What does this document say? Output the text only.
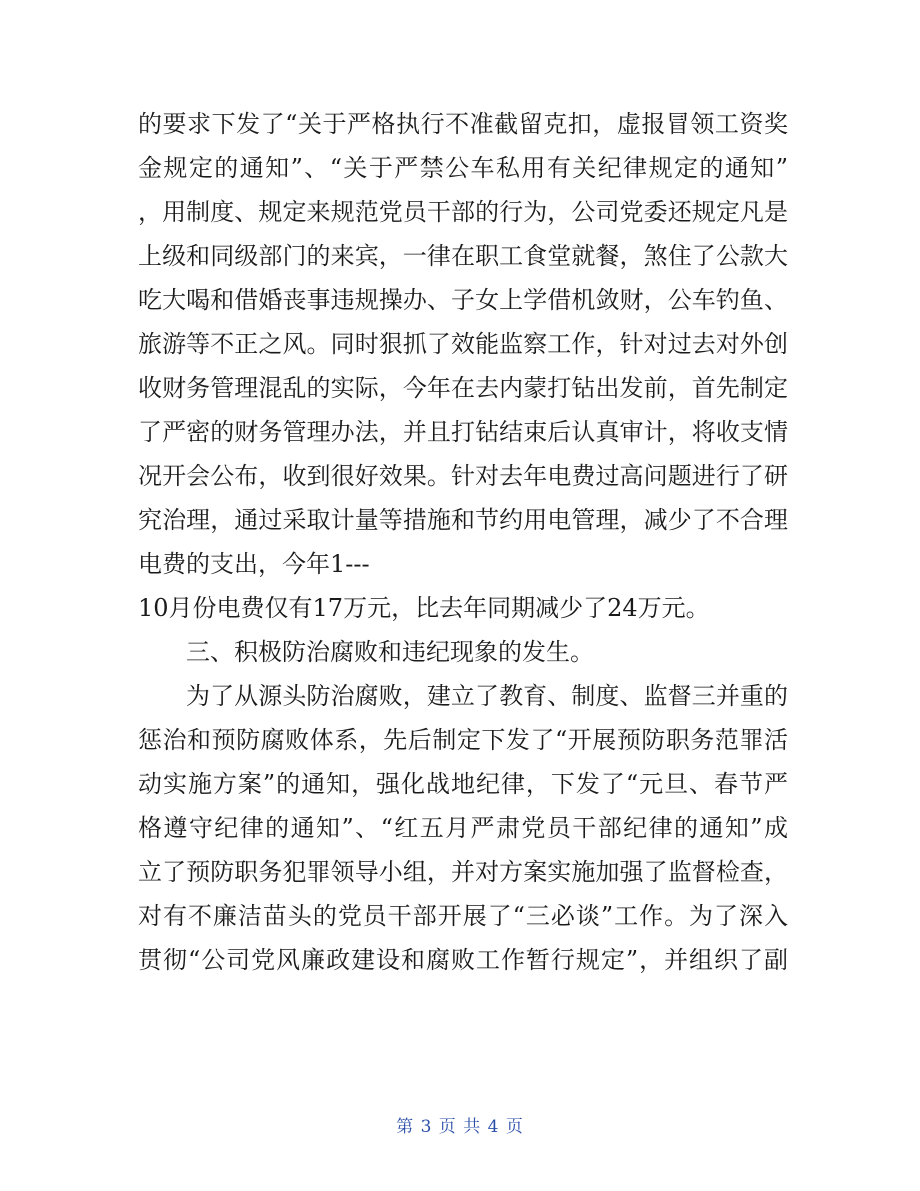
的要求下发了“关于严格执行不准截留克扣，虚报冒领工资奖
金规定的通知”、“关于严禁公车私用有关纪律规定的通知”
，用制度、规定来规范党员干部的行为，公司党委还规定凡是
上级和同级部门的来宾，一律在职工食堂就餐，煞住了公款大
吃大喝和借婚丧事违规操办、子女上学借机敛财，公车钓鱼、
旅游等不正之风。同时狠抓了效能监察工作，针对过去对外创
收财务管理混乱的实际，今年在去内蒙打钻出发前，首先制定
了严密的财务管理办法，并且打钻结束后认真审计，将收支情
况开会公布，收到很好效果。针对去年电费过高问题进行了研
究治理，通过采取计量等措施和节约用电管理，减少了不合理
电费的支出，今年1---
10月份电费仅有17万元，比去年同期减少了24万元。
三、积极防治腐败和违纪现象的发生。
为了从源头防治腐败，建立了教育、制度、监督三并重的
惩治和预防腐败体系，先后制定下发了“开展预防职务范罪活
动实施方案”的通知，强化战地纪律，下发了“元旦、春节严
格遵守纪律的通知”、“红五月严肃党员干部纪律的通知”成
立了预防职务犯罪领导小组，并对方案实施加强了监督检查，
对有不廉洁苗头的党员干部开展了“三必谈”工作。为了深入
贯彻“公司党风廉政建设和腐败工作暂行规定”，并组织了副
第 3 页 共 4 页
